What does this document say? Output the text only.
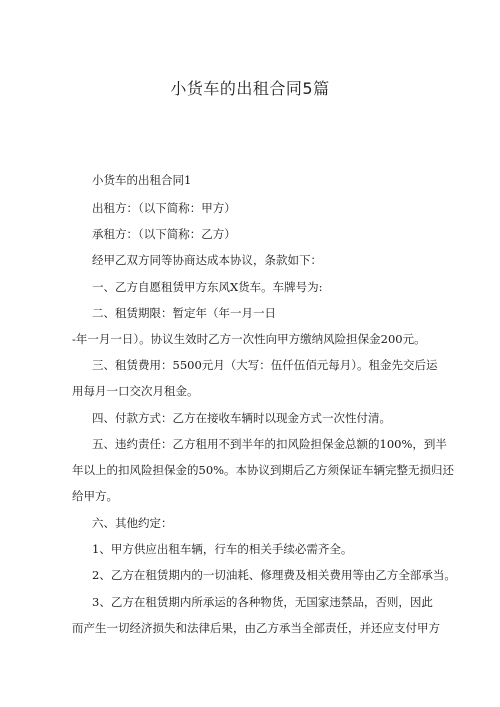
小货车的出租合同5篇
小货车的出租合同1
出租方：（以下简称：甲方）
承租方：（以下简称：乙方）
经甲乙双方同等协商达成本协议，条款如下：
一、乙方自愿租赁甲方东风X货车。车牌号为:
二、租赁期限：暂定年（年一月一日
-年一月一日）。协议生效时乙方一次性向甲方缴纳风险担保金200元。
三、租赁费用：5500元月（大写：伍仟伍佰元每月）。租金先交后运
用每月一口交次月租金。
四、付款方式：乙方在接收车辆时以现金方式一次性付清。
五、违约责任：乙方租用不到半年的扣风险担保金总额的100%，到半
年以上的扣风险担保金的50%。本协议到期后乙方须保证车辆完整无损归还
给甲方。
六、其他约定：
1、甲方供应出租车辆，行车的相关手续必需齐全。
2、乙方在租赁期内的一切油耗、修理费及相关费用等由乙方全部承当。
3、乙方在租赁期内所承运的各种物货，无国家违禁品，否则，因此
而产生一切经济损失和法律后果，由乙方承当全部责任，并还应支付甲方
